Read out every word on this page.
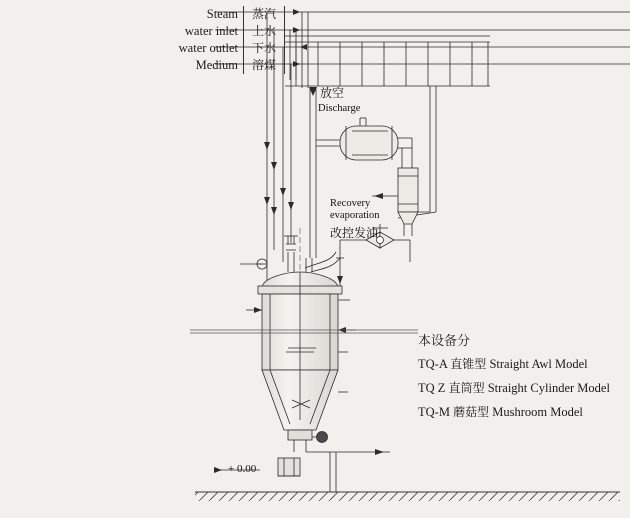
Steam 蒸汽
water inlet 上水
water outlet 下水
Medium 溶煤
放空
Discharge
Recovery
evaporation
改控发油
+ 0.00
本设备分
TQ-A 直锥型 Straight Awl Model
TQ Z 直筒型 Straight Cylinder Model
TQ-M 蘑菇型 Mushroom Model
